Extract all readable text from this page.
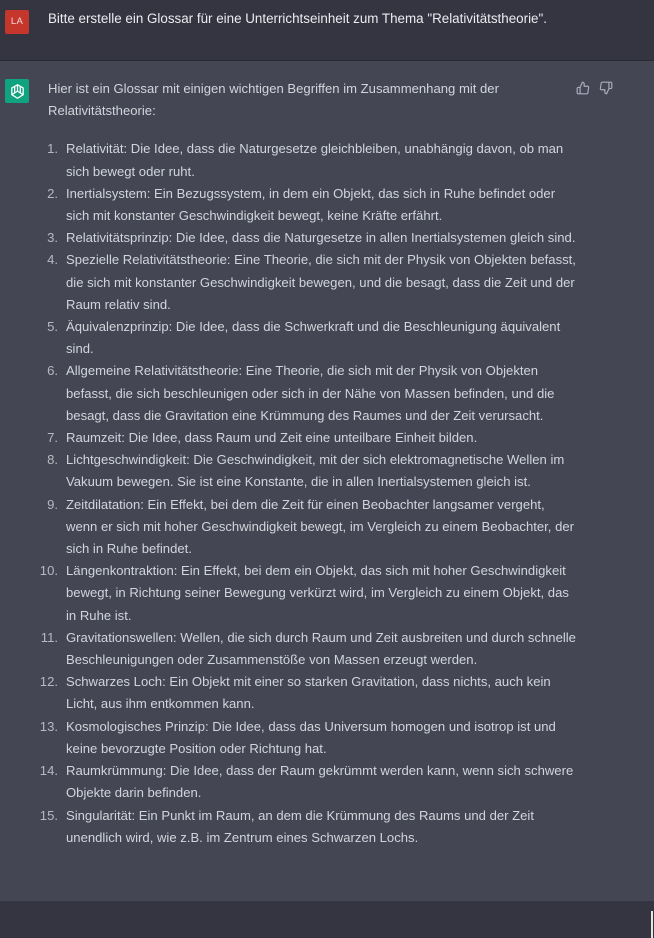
LA	Bitte erstelle ein Glossar für eine Unterrichtseinheit zum Thema "Relativitätstheorie".

Hier ist ein Glossar mit einigen wichtigen Begriffen im Zusammenhang mit der Relativitätstheorie:

1. Relativität: Die Idee, dass die Naturgesetze gleichbleiben, unabhängig davon, ob man sich bewegt oder ruht.
2. Inertialsystem: Ein Bezugssystem, in dem ein Objekt, das sich in Ruhe befindet oder sich mit konstanter Geschwindigkeit bewegt, keine Kräfte erfährt.
3. Relativitätsprinzip: Die Idee, dass die Naturgesetze in allen Inertialsystemen gleich sind.
4. Spezielle Relativitätstheorie: Eine Theorie, die sich mit der Physik von Objekten befasst, die sich mit konstanter Geschwindigkeit bewegen, und die besagt, dass die Zeit und der Raum relativ sind.
5. Äquivalenzprinzip: Die Idee, dass die Schwerkraft und die Beschleunigung äquivalent sind.
6. Allgemeine Relativitätstheorie: Eine Theorie, die sich mit der Physik von Objekten befasst, die sich beschleunigen oder sich in der Nähe von Massen befinden, und die besagt, dass die Gravitation eine Krümmung des Raumes und der Zeit verursacht.
7. Raumzeit: Die Idee, dass Raum und Zeit eine unteilbare Einheit bilden.
8. Lichtgeschwindigkeit: Die Geschwindigkeit, mit der sich elektromagnetische Wellen im Vakuum bewegen. Sie ist eine Konstante, die in allen Inertialsystemen gleich ist.
9. Zeitdilatation: Ein Effekt, bei dem die Zeit für einen Beobachter langsamer vergeht, wenn er sich mit hoher Geschwindigkeit bewegt, im Vergleich zu einem Beobachter, der sich in Ruhe befindet.
10. Längenkontraktion: Ein Effekt, bei dem ein Objekt, das sich mit hoher Geschwindigkeit bewegt, in Richtung seiner Bewegung verkürzt wird, im Vergleich zu einem Objekt, das in Ruhe ist.
11. Gravitationswellen: Wellen, die sich durch Raum und Zeit ausbreiten und durch schnelle Beschleunigungen oder Zusammenstöße von Massen erzeugt werden.
12. Schwarzes Loch: Ein Objekt mit einer so starken Gravitation, dass nichts, auch kein Licht, aus ihm entkommen kann.
13. Kosmologisches Prinzip: Die Idee, dass das Universum homogen und isotrop ist und keine bevorzugte Position oder Richtung hat.
14. Raumkrümmung: Die Idee, dass der Raum gekrümmt werden kann, wenn sich schwere Objekte darin befinden.
15. Singularität: Ein Punkt im Raum, an dem die Krümmung des Raums und der Zeit unendlich wird, wie z.B. im Zentrum eines Schwarzen Lochs.
